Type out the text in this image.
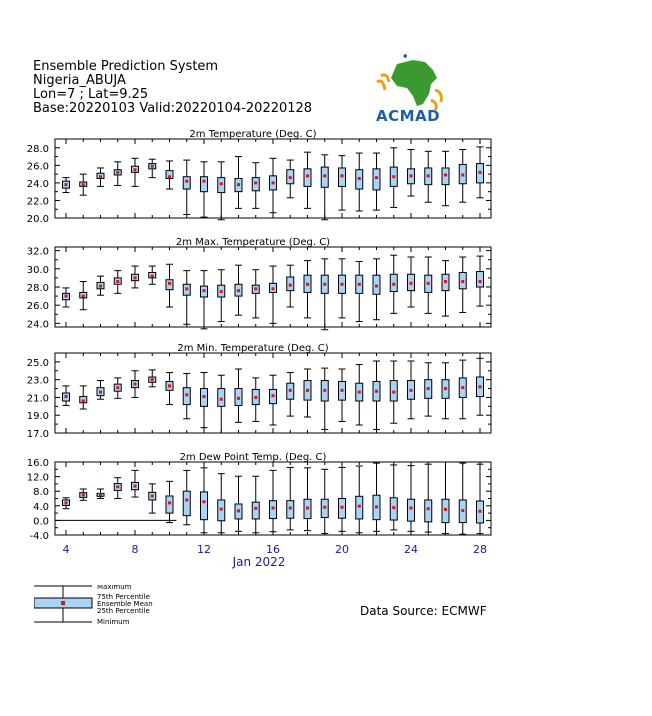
Ensemble Prediction System
Nigeria_ABUJA
Lon=7 ; Lat=9.25
Base:20220103 Valid:20220104-20220128	ACMAD
2m Temperature (Deg. C)
20.0
22.0
24.0
26.0
28.0
2m Max. Temperature (Deg. C)
24.0
26.0
28.0
30.0
32.0
2m Min. Temperature (Deg. C)
17.0
19.0
21.0
23.0
25.0
2m Dew Point Temp. (Deg. C)
-4.0
0.0
4.0
8.0
12.0
16.0
4	8	12	16	20	24	28
Jan 2022
Maximum
75th Percentile
Ensemble Mean
25th Percentile
Minimum
Data Source: ECMWF
